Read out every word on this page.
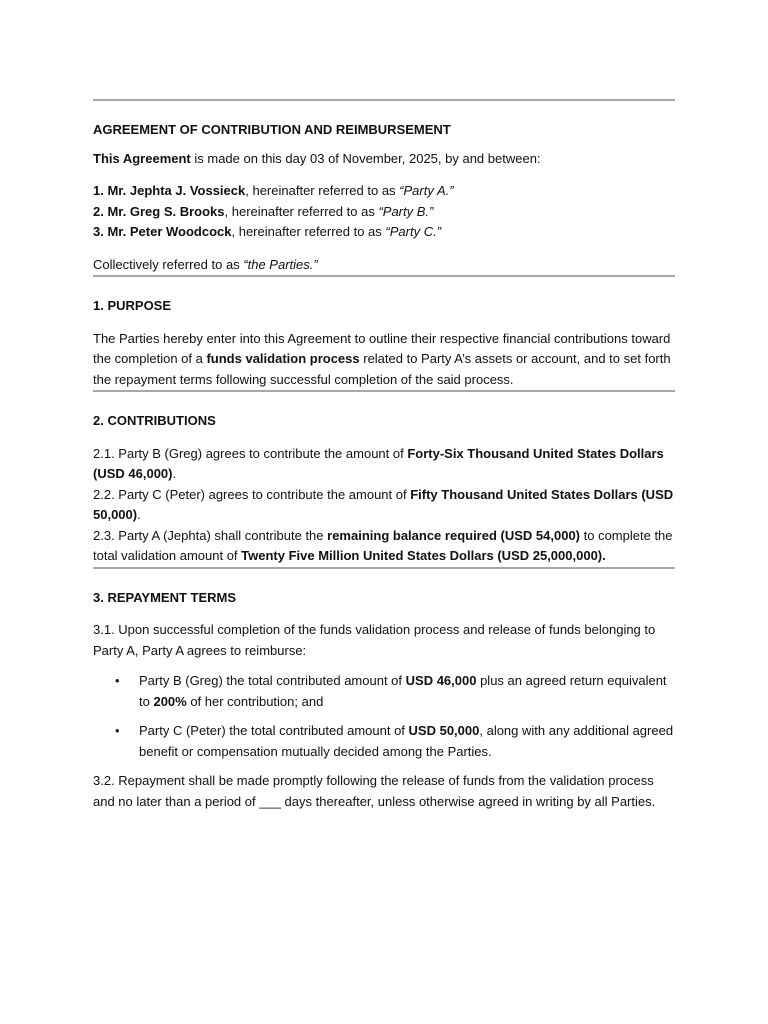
AGREEMENT OF CONTRIBUTION AND REIMBURSEMENT

This Agreement is made on this day 03 of November, 2025, by and between:

1. Mr. Jephta J. Vossieck, hereinafter referred to as “Party A.”

2. Mr. Greg S. Brooks, hereinafter referred to as “Party B.”

3. Mr. Peter Woodcock, hereinafter referred to as “Party C.”

Collectively referred to as “the Parties.”

1. PURPOSE

The Parties hereby enter into this Agreement to outline their respective financial contributions toward the completion of a funds validation process related to Party A’s assets or account, and to set forth the repayment terms following successful completion of the said process.

2. CONTRIBUTIONS

2.1. Party B (Greg) agrees to contribute the amount of Forty-Six Thousand United States Dollars (USD 46,000).

2.2. Party C (Peter) agrees to contribute the amount of Fifty Thousand United States Dollars (USD 50,000).

2.3. Party A (Jephta) shall contribute the remaining balance required (USD 54,000) to complete the total validation amount of Twenty Five Million United States Dollars (USD 25,000,000).

3. REPAYMENT TERMS

3.1. Upon successful completion of the funds validation process and release of funds belonging to Party A, Party A agrees to reimburse:

• Party B (Greg) the total contributed amount of USD 46,000 plus an agreed return equivalent to 200% of her contribution; and
• Party C (Peter) the total contributed amount of USD 50,000, along with any additional agreed benefit or compensation mutually decided among the Parties.

3.2. Repayment shall be made promptly following the release of funds from the validation process and no later than a period of ___ days thereafter, unless otherwise agreed in writing by all Parties.
